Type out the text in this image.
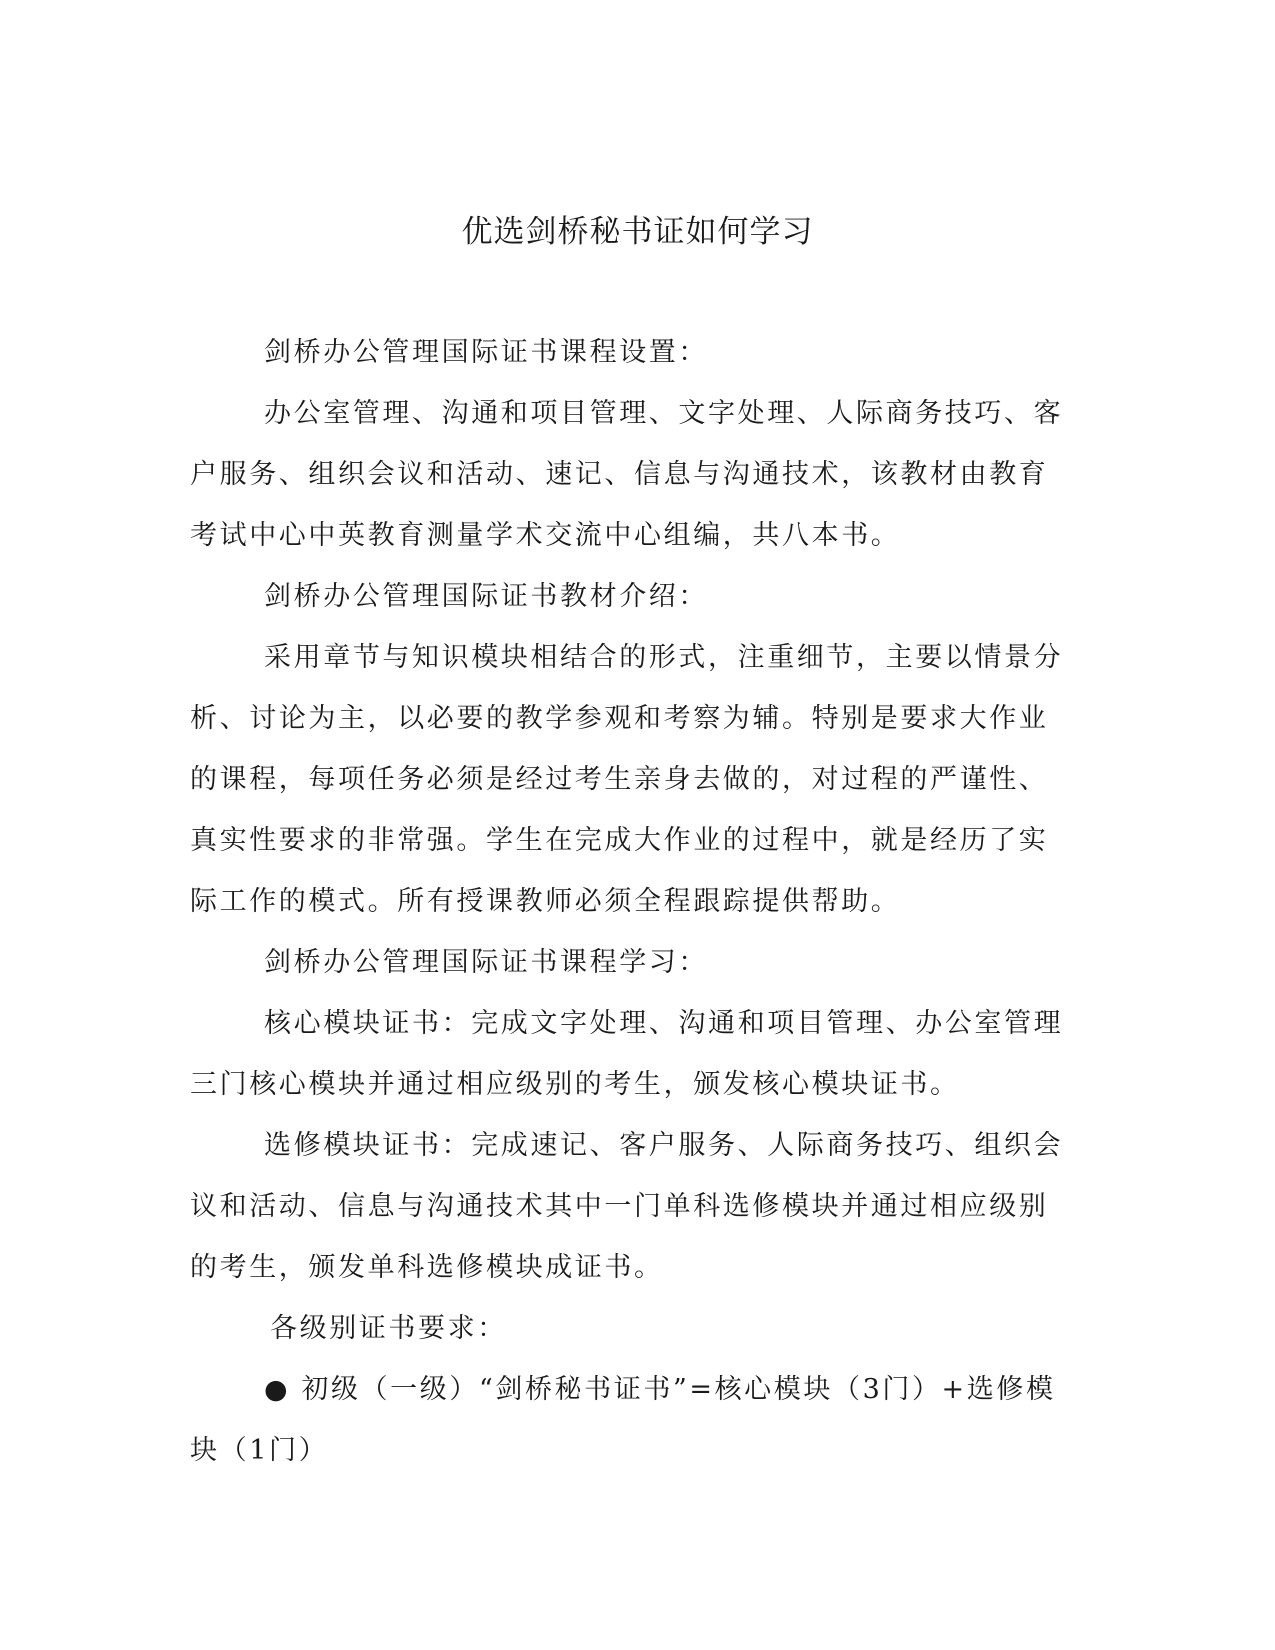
优选剑桥秘书证如何学习

剑桥办公管理国际证书课程设置：

办公室管理、沟通和项目管理、文字处理、人际商务技巧、客户服务、组织会议和活动、速记、信息与沟通技术，该教材由教育考试中心中英教育测量学术交流中心组编，共八本书。

剑桥办公管理国际证书教材介绍：

采用章节与知识模块相结合的形式，注重细节，主要以情景分析、讨论为主，以必要的教学参观和考察为辅。特别是要求大作业的课程，每项任务必须是经过考生亲身去做的，对过程的严谨性、真实性要求的非常强。学生在完成大作业的过程中，就是经历了实际工作的模式。所有授课教师必须全程跟踪提供帮助。

剑桥办公管理国际证书课程学习：

核心模块证书：完成文字处理、沟通和项目管理、办公室管理三门核心模块并通过相应级别的考生，颁发核心模块证书。

选修模块证书：完成速记、客户服务、人际商务技巧、组织会议和活动、信息与沟通技术其中一门单科选修模块并通过相应级别的考生，颁发单科选修模块成证书。

各级别证书要求：

● 初级（一级）“剑桥秘书证书”=核心模块（3门）+选修模块（1门）
